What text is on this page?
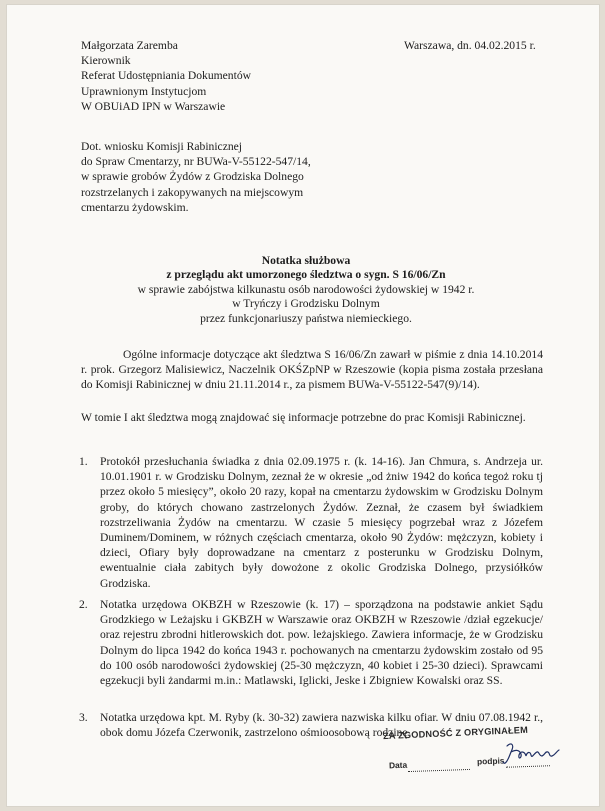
Małgorzata Zaremba
Kierownik
Referat Udostępniania Dokumentów
Uprawnionym Instytucjom
W OBUiAD IPN w Warszawie
Warszawa, dn. 04.02.2015 r.
Dot. wniosku Komisji Rabinicznej
do Spraw Cmentarzy, nr BUWa-V-55122-547/14,
w sprawie grobów Żydów z Grodziska Dolnego
rozstrzelanych i zakopywanych na miejscowym
cmentarzu żydowskim.

Notatka służbowa

z przeglądu akt umorzonego śledztwa o sygn. S 16/06/Zn

w sprawie zabójstwa kilkunastu osób narodowości żydowskiej w 1942 r.

w Tryńczy i Grodzisku Dolnym

przez funkcjonariuszy państwa niemieckiego.

Ogólne informacje dotyczące akt śledztwa S 16/06/Zn zawarł w piśmie z dnia 14.10.2014 r. prok. Grzegorz Malisiewicz, Naczelnik OKŚZpNP w Rzeszowie (kopia pisma została przesłana do Komisji Rabinicznej w dniu 21.11.2014 r., za pismem BUWa-V-55122-547(9)/14).

W tomie I akt śledztwa mogą znajdować się informacje potrzebne do prac Komisji Rabinicznej.

1. Protokół przesłuchania świadka z dnia 02.09.1975 r. (k. 14-16). Jan Chmura, s. Andrzeja ur. 10.01.1901 r. w Grodzisku Dolnym, zeznał że w okresie „od żniw 1942 do końca tegoż roku tj przez około 5 miesięcy”, około 20 razy, kopał na cmentarzu żydowskim w Grodzisku Dolnym groby, do których chowano zastrzelonych Żydów. Zeznał, że czasem był świadkiem rozstrzeliwania Żydów na cmentarzu. W czasie 5 miesięcy pogrzebał wraz z Józefem Duminem/Dominem, w różnych częściach cmentarza, około 90 Żydów: mężczyzn, kobiety i dzieci, Ofiary były doprowadzane na cmentarz z posterunku w Grodzisku Dolnym, ewentualnie ciała zabitych były dowożone z okolic Grodziska Dolnego, przysiółków Grodziska.

2. Notatka urzędowa OKBZH w Rzeszowie (k. 17) – sporządzona na podstawie ankiet Sądu Grodzkiego w Leżajsku i GKBZH w Warszawie oraz OKBZH w Rzeszowie /dział egzekucje/ oraz rejestru zbrodni hitlerowskich dot. pow. leżajskiego. Zawiera informacje, że w Grodzisku Dolnym do lipca 1942 do końca 1943 r. pochowanych na cmentarzu żydowskim zostało od 95 do 100 osób narodowości żydowskiej (25-30 mężczyzn, 40 kobiet i 25-30 dzieci). Sprawcami egzekucji byli żandarmi m.in.: Matlawski, Iglicki, Jeske i Zbigniew Kowalski oraz SS.

3. Notatka urzędowa kpt. M. Ryby (k. 30-32) zawiera nazwiska kilku ofiar. W dniu 07.08.1942 r., obok domu Józefa Czerwonik, zastrzelono ośmioosobową rodzinę

ZA ZGODNOŚĆ Z ORYGINAŁEM
Data	podpis
